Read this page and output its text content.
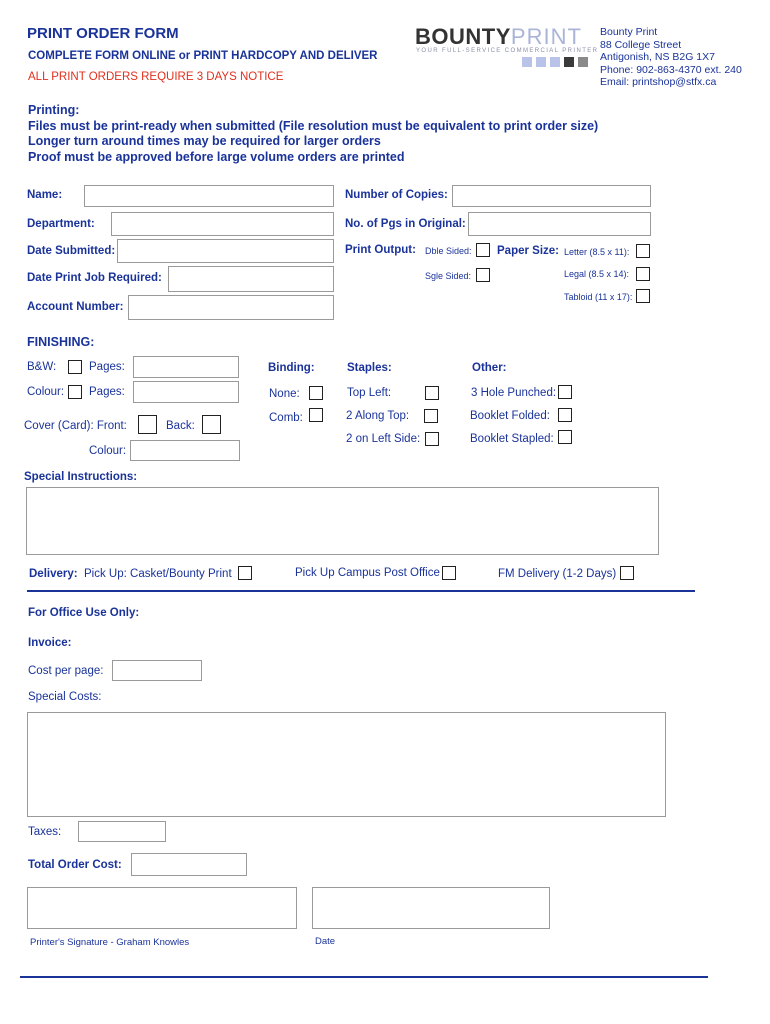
PRINT ORDER FORM
COMPLETE FORM ONLINE or PRINT HARDCOPY AND DELIVER
ALL PRINT ORDERS REQUIRE 3 DAYS NOTICE
BOUNTYPRINT
YOUR FULL-SERVICE COMMERCIAL PRINTER
Bounty Print
88 College Street
Antigonish, NS B2G 1X7
Phone: 902-863-4370 ext. 240
Email: printshop@stfx.ca
Printing:
Files must be print-ready when submitted (File resolution must be equivalent to print order size)
Longer turn around times may be required for larger orders
Proof must be approved before large volume orders are printed
Name:
Department:
Date Submitted:
Date Print Job Required:
Account Number:
Number of Copies:
No. of Pgs in Original:
Print Output: Dble Sided:
Sgle Sided:
Paper Size: Letter (8.5 x 11):
Legal (8.5 x 14):
Tabloid (11 x 17):
FINISHING:
B&W:	Pages:
Colour: Pages:
Cover (Card): Front:	Back:
Colour:
Binding:
None:
Comb:
Staples:
Top Left:
2 Along Top:
2 on Left Side:
Other:
3 Hole Punched:
Booklet Folded:
Booklet Stapled:
Special Instructions:
Delivery: Pick Up: Casket/Bounty Print	Pick Up Campus Post Office	FM Delivery (1-2 Days)
For Office Use Only:
Invoice:
Cost per page:
Special Costs:
Taxes:
Total Order Cost:
Printer's Signature - Graham Knowles	Date
